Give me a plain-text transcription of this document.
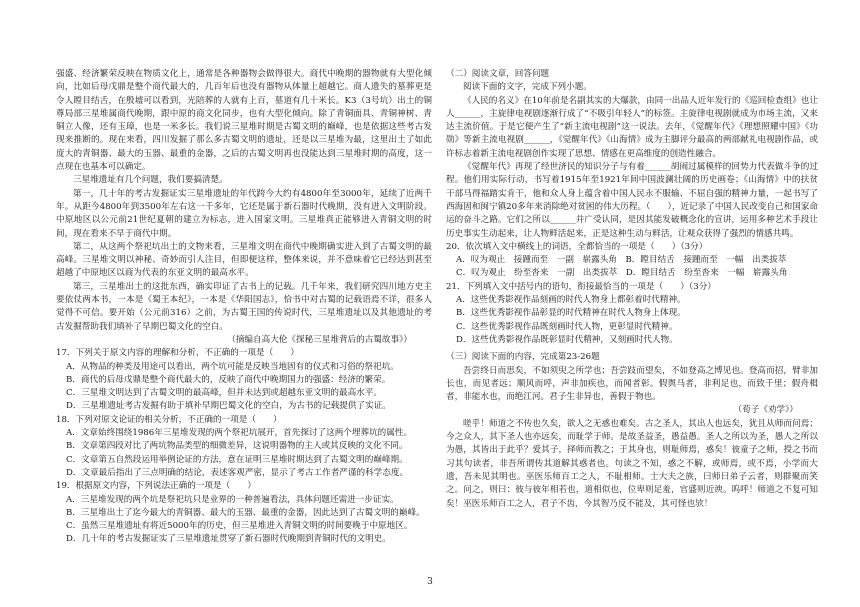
强盛、经济繁荣反映在物质文化上，通常是各种器物会做得很大。商代中晚期的器物就有大型化倾向，比如后母戊鼎是整个商代最大的，几百年后也没有器物从体量上超越它。商人遗失的墓葬更是令人瞠目结舌，在殷墟可以看到，光陪葬的人就有上百，墓道有几十米长。K3（3号坑）出土的铜尊局部三星堆属商代晚期，跟中原的商文化同步，也有大型化倾向。除了青铜面具、青铜神树、青铜立人像，还有玉璋，也是一米多长。我们说三星堆时期是古蜀文明的巅峰，也是依据这些考古发现来推断的。现在来看，四川发掘了那么多古蜀文明的遗址，还是以三星堆为最，这里出土了如此庞大的青铜器、最大的玉器、最重的金器，之后的古蜀文明再也没能达到三星堆时期的高度，这一点现在也基本可以确定。

三星堆遗址有几个问题，我们要搞清楚。

第一，几十年的考古发掘证实三星堆遗址的年代跨今大约有4800年至3000年，延续了近两千年。从距今4800年到3500年左右这一千多年，它还是属于新石器时代晚期，没有进入文明阶段。中原地区以公元前21世纪夏朝的建立为标志，进入国家文明。三星堆真正能够进入青铜文明的时间，现在看来不早于商代中期。

第二，从这两个祭祀坑出土的文物来看，三星堆文明在商代中晚期确实进入到了古蜀文明的最高峰。三星堆文明以神秘、奇妙而引人注目，但即便这样，整体来说，并不意味着它已经达到甚至超越了中原地区以商为代表的东亚文明的最高水平。

第三，三星堆出土的这批东西，确实印证了古书上的记载。几千年来，我们研究四川地方史主要依仗两本书，一本是《蜀王本纪》，一本是《华阳国志》，恰书中对古蜀的记载语焉不详，很多人觉得不可信。要开始（公元前316）之前，为古蜀王国的传说时代，三星堆遗址以及其他遗址的考古发掘帮助我们填补了早期巴蜀文化的空白。

（摘编自高大伦《探秘三星堆背后的古蜀故事》）

17．下列关于原文内容的理解和分析，不正确的一项是（　　）

A．从物品的种类及用途可以看出，两个坑可能是反映当地固有的仪式和习俗的祭祀坑。

B．商代的后母戊鼎是整个商代最大的，反映了商代中晚期国力的强盛：经济的繁荣。

C．三星堆文明达到了古蜀文明的最高峰，但并未达到或超越东亚文明的最高水平。

D．三星堆遗址考古发掘有助于填补早期巴蜀文化的空白，为古书的记载提供了实证。

18．下列对原文论证的相关分析，不正确的一项是（　　）

A．文章始终围绕1986年三星堆发现的两个祭祀坑展开，首先探讨了这两个埋葬坑的属性。

B．文章第四段对比了两坑物品类型的细微差异，这说明器物的主人或其反映的文化不同。

C．文章第五自然段运用举例论证的方法，意在证明三星堆时期达到了古蜀文明的巅峰期。

D．文章最后指出了三点明确的结论，表述客观严密，显示了考古工作者严谨的科学态度。

19．根据原文内容，下列说法正确的一项是（　　）

A．三星堆发现的两个坑是祭祀坑只是业界的一种普遍看法，具体问题还需进一步证实。

B．三星堆出土了迄今最大的青铜器、最大的玉器、最重的金器，因此达到了古蜀文明的巅峰。

C．虽然三星堆遗址有将近5000年的历史，但三星堆进入青铜文明的时间要晚于中原地区。

D．几十年的考古发掘证实了三星堆遗址贯穿了新石器时代晚期到青铜时代的文明史。

（二）阅读文章，回答问题

阅读下面的文字，完成下列小题。

《人民的名义》在10年前是名副其实的大爆款，由同一出品人近年发行的《巡回检查组》也让人______，主旋律电视剧逐渐行成了“不吸引年轻人”的标签。主旋律电视剧就成为市场主流，又来达主流价值。于是它便产生了“新主流电视剧”这一说法。去年，《觉醒年代》《理想照耀中国》《功勋》等新主流电视剧______，《觉醒年代》《山海情》成为主脚评分最高的两部献礼电视剧作品，或许标志着新主流电视剧创作实现了思想、情感在更高维度的创造性融合。

《觉醒年代》再现了经世济民的知识分子与有着______胡闹过属模样的回势力代表做斗争的过程。他们用实际行动，书写着1915年至1921年间中国波澜壮阔的历史画卷；《山海情》中的扶贫干部马得福踏实肯干，他和众人身上蕴含着中国人民永不服输、不屈自强的精神力量，一起书写了西海固和闽宁镇20多年来消除绝对贫困的伟大历程。（　　），近记录了中国人民改变自己和国家命运的奋斗之路。它们之所以______并广受认同，是因其能发破概念化的宣讲，运用多种艺术手段让历史事实生动起来，让人物鲜活起来，正是这种生动与鲜活，让观众获得了强烈的情感共鸣。

20．依次填入文中横线上的词语，全都恰当的一项是（　　）（3分）

A．叹为观止　接踵而至　一副　崭露头角　B．瞠目结舌　接踵而至　一幅　出类拔萃

C．叹为观止　纷至沓来　一副　出类拔萃　D．瞠目结舌　纷至沓来　一幅　崭露头角

21．下列填入文中括号内的语句，衔接最恰当的一项是（　　）（3分）

A．这些优秀影视作品刻画的时代人物身上都彰着时代精神。

B．这些优秀影视作品彰显的时代精神在时代人物身上体现。

C．这些优秀影视作品既刻画时代人物，更彰显时代精神。

D．这些优秀影视作品既彰显时代精神，又刻画时代人物。

（三）阅读下面的内容，完成第23-26题

吾尝终日而思矣，不如须臾之所学也；吾尝跂而望矣，不如登高之博见也。登高而招，臂非加长也，而见者远；顺风而呼，声非加疾也，而闻者彰。假舆马者，非利足也，而致千里；假舟楫者，非能水也，而绝江河。君子生非异也，善假于物也。

（荀子《劝学》）

嗟乎！师道之不传也久矣，欲人之无惑也难矣。古之圣人，其出人也远矣，犹且从师而问焉；今之众人，其下圣人也亦远矣，而耻学于师。是故圣益圣，愚益愚。圣人之所以为圣，愚人之所以为愚，其皆出于此乎？爱其子，择师而教之；于其身也，则耻师焉，惑矣！彼童子之师，授之书而习其句读者，非吾所谓传其道解其惑者也。句读之不知，惑之不解，或师焉，或不焉，小学而大遗，吾未见其明也。巫医乐师百工之人，不耻相师。士大夫之族，曰师曰弟子云者，则群聚而笑之。问之，则曰：彼与彼年相若也，道相似也，位卑则足羞，官盛则近谀。呜呼！师道之不复可知矣！巫医乐师百工之人，君子不齿，今其智乃反不能及，其可怪也欤！

3
